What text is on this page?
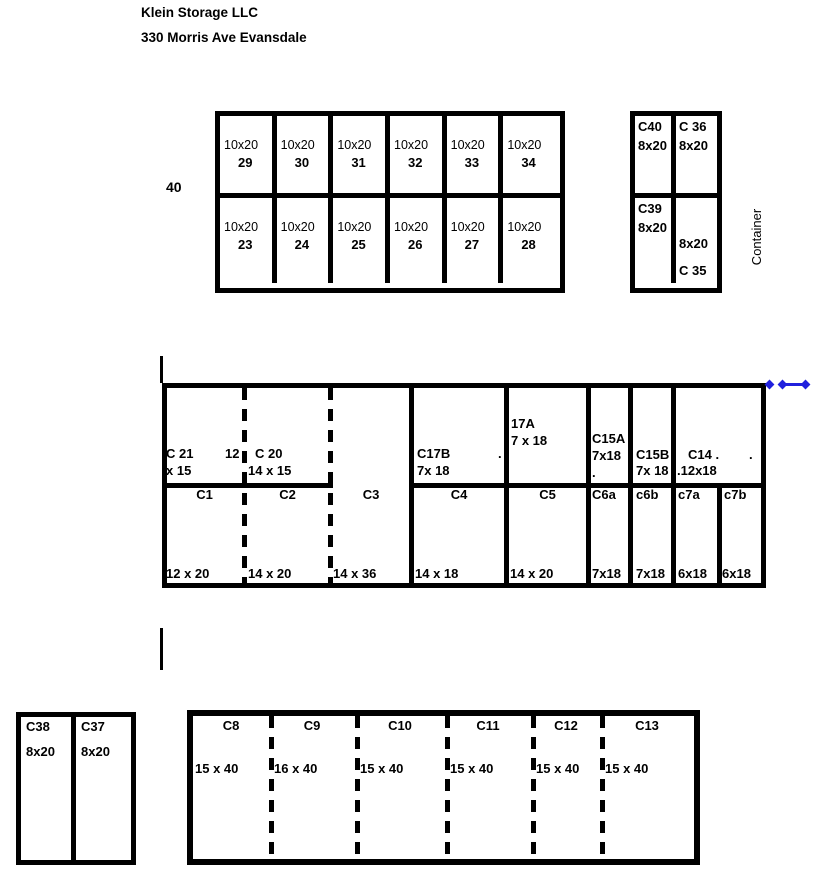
Klein Storage LLC
330 Morris Ave Evansdale
40
10x20
29
10x20
30
10x20
31
10x20
32
10x20
33
10x20
34
10x20
23
10x20
24
10x20
25
10x20
26
10x20
27
10x20
28
C40
8x20
C 36
8x20
C39
8x20
8x20
C 35
Container
C 21 12
x 15
C 20
14 x 15
C17B
7x 18
.
17A
7 x 18	C15A
7x18
.
C15B
7x 18
C14 . .
.12x18
C1	C2	C3	C4	C5	C6a c6b c7a c7b
12 x 20	14 x 20	14 x 36	14 x 18	14 x 20	7x18 7x18 6x18 6x18
C38
8x20
C37
8x20
C8	C9	C10	C11	C12	C13
15 x 40	16 x 40	15 x 40	15 x 40	15 x 40 15 x 40
